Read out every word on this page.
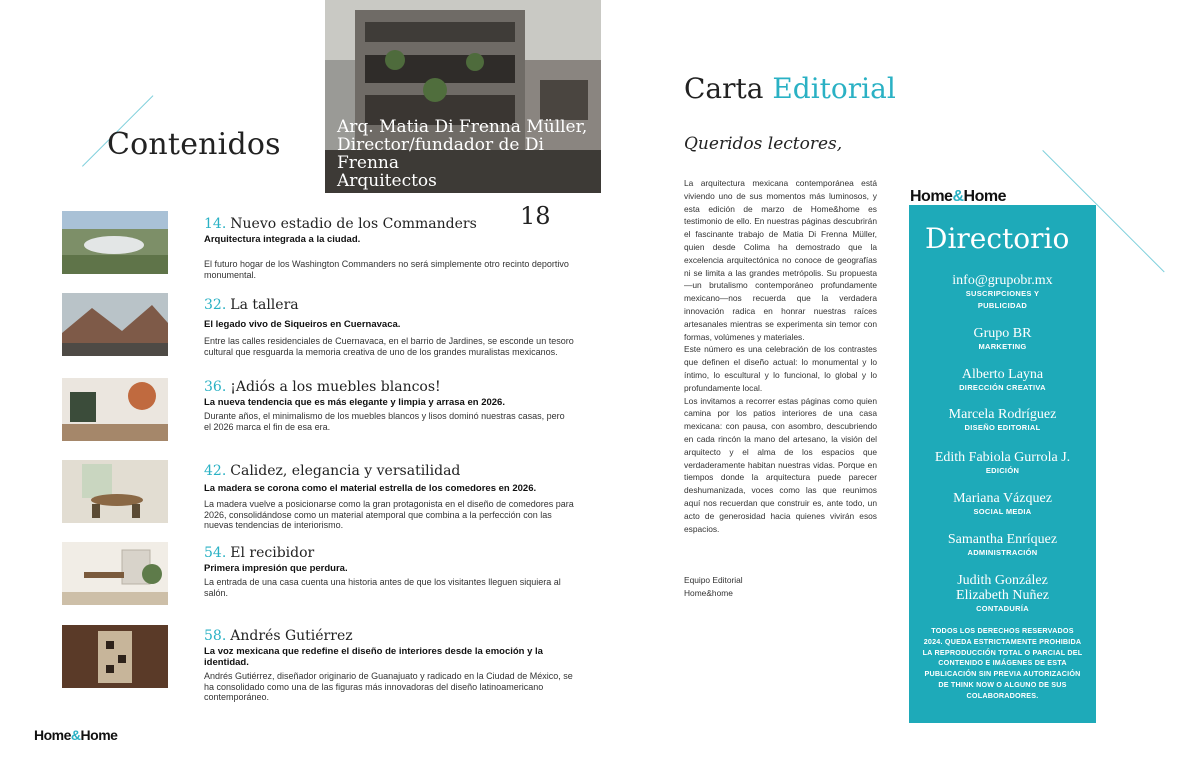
Contenidos	Arq. Matia Di Frenna Müller,
Director/fundador de Di Frenna
Arquitectos
18
14. Nuevo estadio de los Commanders
Arquitectura integrada a la ciudad.
El futuro hogar de los Washington Commanders no será simplemente otro recinto deportivo monumental.
32. La tallera
El legado vivo de Siqueiros en Cuernavaca.
Entre las calles residenciales de Cuernavaca, en el barrio de Jardines, se esconde un tesoro cultural que resguarda la memoria creativa de uno de los grandes muralistas mexicanos.
36. ¡Adiós a los muebles blancos!
La nueva tendencia que es más elegante y limpia y arrasa en 2026.
Durante años, el minimalismo de los muebles blancos y lisos dominó nuestras casas, pero el 2026 marca el fin de esa era.
42. Calidez, elegancia y versatilidad
La madera se corona como el material estrella de los comedores en 2026.
La madera vuelve a posicionarse como la gran protagonista en el diseño de comedores para 2026, consolidándose como un material atemporal que combina a la perfección con las nuevas tendencias de interiorismo.
54. El recibidor
Primera impresión que perdura.
La entrada de una casa cuenta una historia antes de que los visitantes lleguen siquiera al salón.
58. Andrés Gutiérrez
La voz mexicana que redefine el diseño de interiores desde la emoción y la identidad.
Andrés Gutiérrez, diseñador originario de Guanajuato y radicado en la Ciudad de México, se ha consolidado como una de las figuras más innovadoras del diseño latinoamericano contemporáneo.
Home&Home
Carta Editorial
Queridos lectores,

La arquitectura mexicana contemporánea está viviendo uno de sus momentos más luminosos, y esta edición de marzo de Home&home es testimonio de ello. En nuestras páginas descubrirán el fascinante trabajo de Matia Di Frenna Müller, quien desde Colima ha demostrado que la excelencia arquitectónica no conoce de geografías ni se limita a las grandes metrópolis. Su propuesta —un brutalismo contemporáneo profundamente mexicano—nos recuerda que la verdadera innovación radica en honrar nuestras raíces artesanales mientras se experimenta sin temor con formas, volúmenes y materiales.

Este número es una celebración de los contrastes que definen el diseño actual: lo monumental y lo íntimo, lo escultural y lo funcional, lo global y lo profundamente local.

Los invitamos a recorrer estas páginas como quien camina por los patios interiores de una casa mexicana: con pausa, con asombro, descubriendo en cada rincón la mano del artesano, la visión del arquitecto y el alma de los espacios que verdaderamente habitan nuestras vidas. Porque en tiempos donde la arquitectura puede parecer deshumanizada, voces como las que reunimos aquí nos recuerdan que construir es, ante todo, un acto de generosidad hacia quienes vivirán esos espacios.

Equipo Editorial
Home&home
Home&Home
Directorio
info@grupobr.mx
SUSCRIPCIONES Y PUBLICIDAD
Grupo BR
MARKETING
Alberto Layna
DIRECCIÓN CREATIVA
Marcela Rodríguez
DISEÑO EDITORIAL
Edith Fabiola Gurrola J.
EDICIÓN
Mariana Vázquez
SOCIAL MEDIA
Samantha Enríquez
ADMINISTRACIÓN
Judith González Elizabeth Nuñez
CONTADURÍA
TODOS LOS DERECHOS RESERVADOS 2024. QUEDA ESTRICTAMENTE PROHIBIDA LA REPRODUCCIÓN TOTAL O PARCIAL DEL CONTENIDO E IMÁGENES DE ESTA PUBLICACIÓN SIN PREVIA AUTORIZACIÓN DE THINK NOW O ALGUNO DE SUS COLABORADORES.
